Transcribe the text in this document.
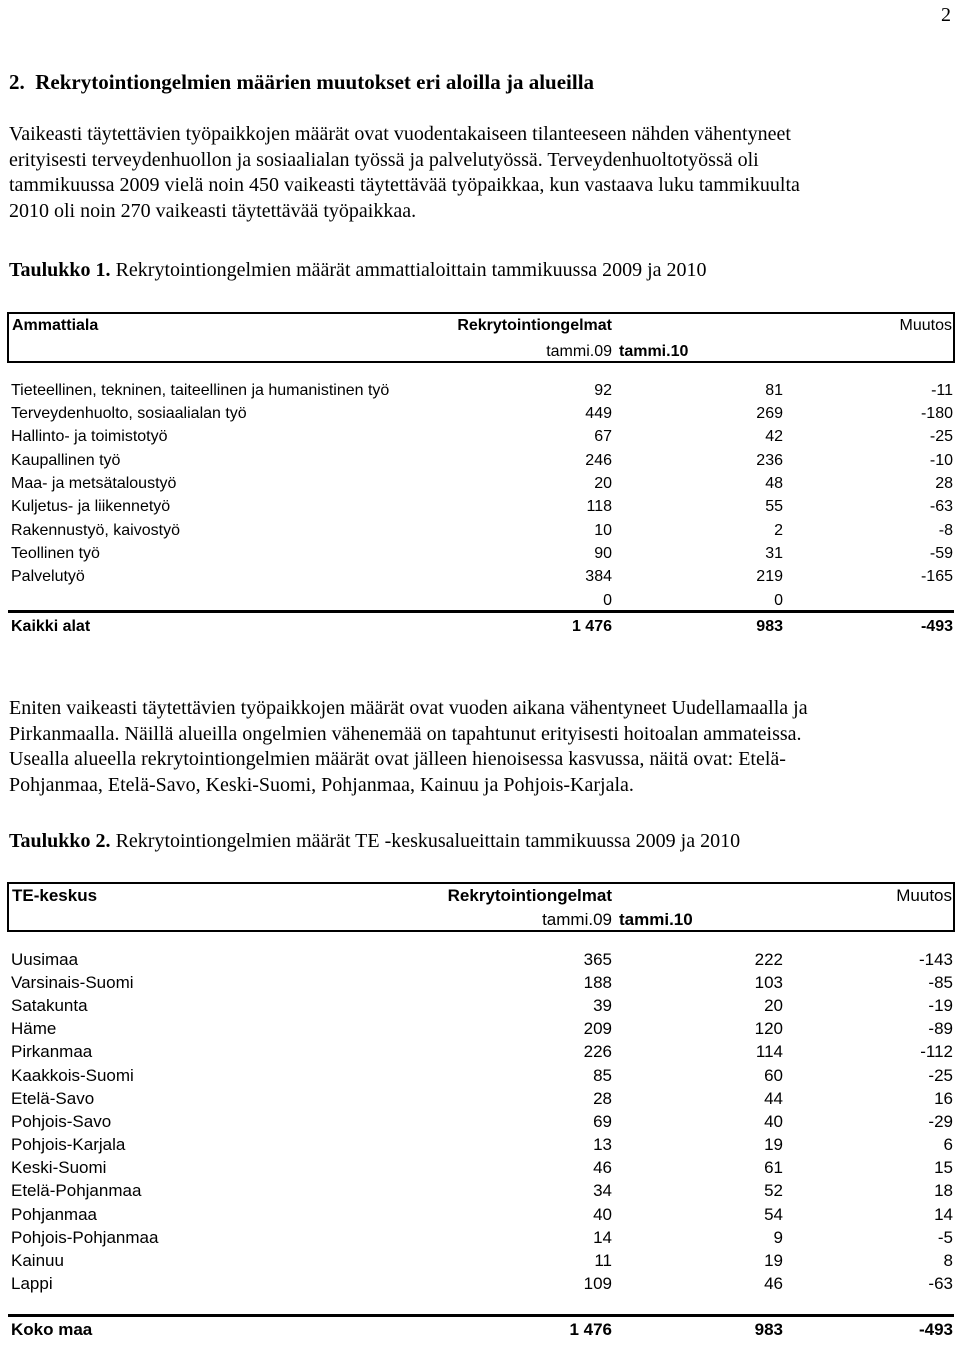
2
2.  Rekrytointiongelmien määrien muutokset eri aloilla ja alueilla
Vaikeasti täytettävien työpaikkojen määrät ovat vuodentakaiseen tilanteeseen nähden vähentyneet
erityisesti terveydenhuollon ja sosiaalialan työssä ja palvelutyössä. Terveydenhuoltotyössä oli
tammikuussa 2009 vielä noin 450 vaikeasti täytettävää työpaikkaa, kun vastaava luku tammikuulta
2010 oli noin 270 vaikeasti täytettävää työpaikkaa.
Taulukko 1. Rekrytointiongelmien määrät ammattialoittain tammikuussa 2009 ja 2010
Ammattiala	Rekrytointiongelmat		Muutos
	tammi.09	tammi.10	

Tieteellinen, tekninen, taiteellinen ja humanistinen työ	92	81	-11
Terveydenhuolto, sosiaalialan työ	449	269	-180
Hallinto- ja toimistotyö	67	42	-25
Kaupallinen työ	246	236	-10
Maa- ja metsätaloustyö	20	48	28
Kuljetus- ja liikennetyö	118	55	-63
Rakennustyö, kaivostyö	10	2	-8
Teollinen työ	90	31	-59
Palvelutyö	384	219	-165
	0	0	
Kaikki alat	1 476	983	-493
Eniten vaikeasti täytettävien työpaikkojen määrät ovat vuoden aikana vähentyneet Uudellamaalla ja
Pirkanmaalla. Näillä alueilla ongelmien vähenemää on tapahtunut erityisesti hoitoalan ammateissa.
Usealla alueella rekrytointiongelmien määrät ovat jälleen hienoisessa kasvussa, näitä ovat: Etelä-
Pohjanmaa, Etelä-Savo, Keski-Suomi, Pohjanmaa, Kainuu ja Pohjois-Karjala.
Taulukko 2. Rekrytointiongelmien määrät TE -keskusalueittain tammikuussa 2009 ja 2010
TE-keskus	Rekrytointiongelmat		Muutos
	tammi.09	tammi.10	

Uusimaa	365	222	-143
Varsinais-Suomi	188	103	-85
Satakunta	39	20	-19
Häme	209	120	-89
Pirkanmaa	226	114	-112
Kaakkois-Suomi	85	60	-25
Etelä-Savo	28	44	16
Pohjois-Savo	69	40	-29
Pohjois-Karjala	13	19	6
Keski-Suomi	46	61	15
Etelä-Pohjanmaa	34	52	18
Pohjanmaa	40	54	14
Pohjois-Pohjanmaa	14	9	-5
Kainuu	11	19	8
Lappi	109	46	-63

Koko maa	1 476	983	-493
